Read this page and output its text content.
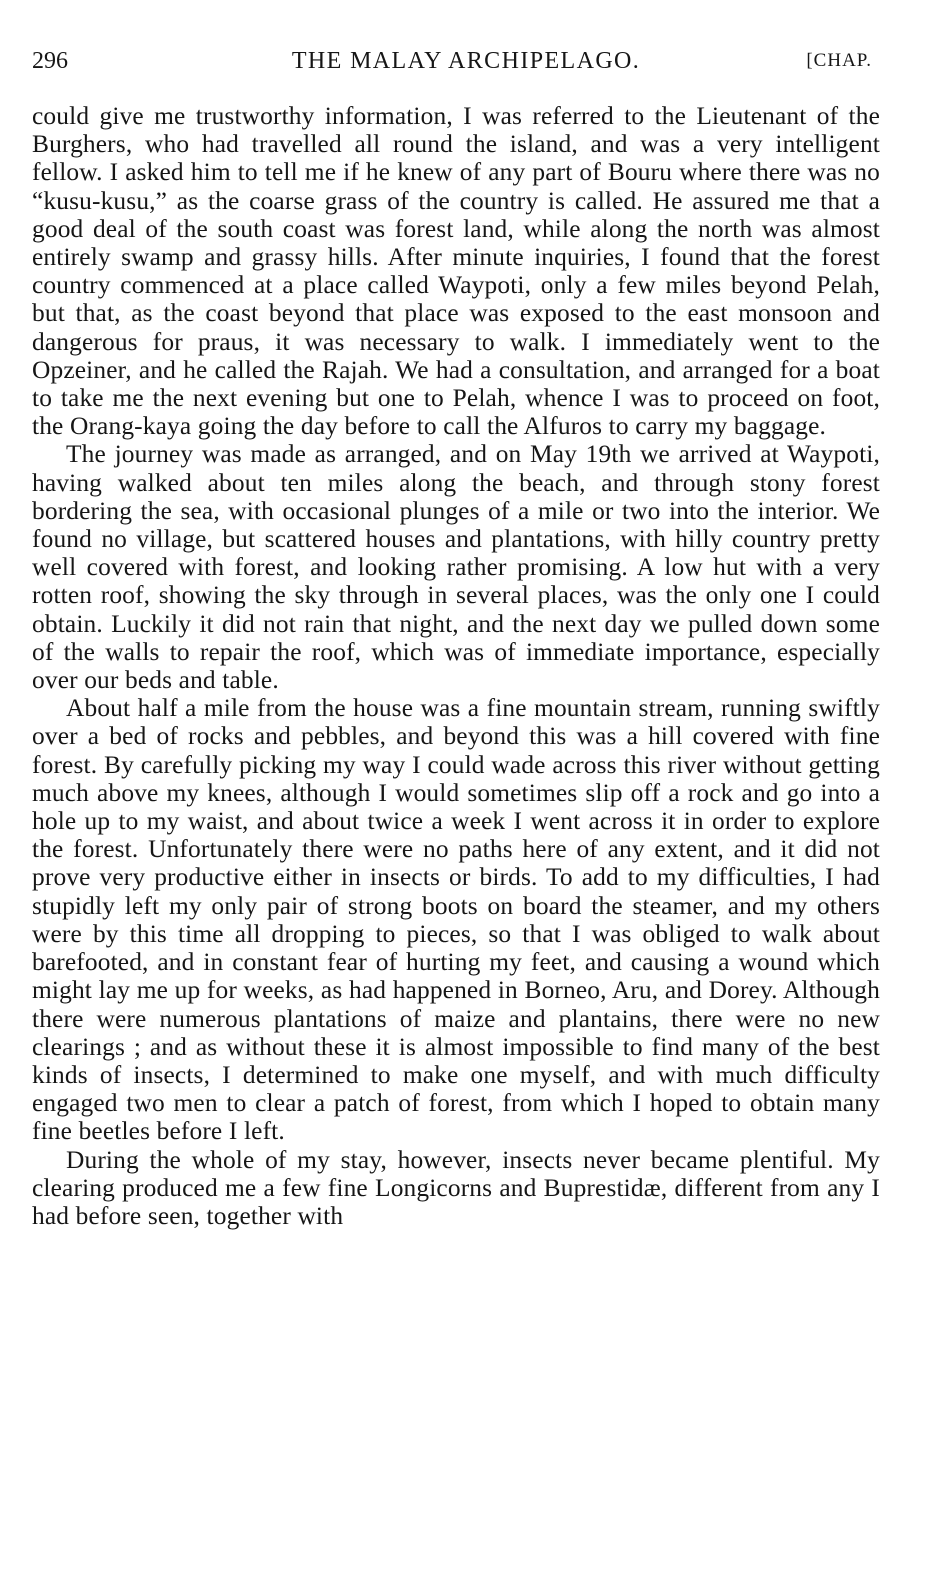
296	THE MALAY ARCHIPELAGO.	[CHAP.

could give me trustworthy information, I was referred to the Lieutenant of the Burghers, who had travelled all round the island, and was a very intelligent fellow. I asked him to tell me if he knew of any part of Bouru where there was no “kusu-kusu,” as the coarse grass of the country is called. He assured me that a good deal of the south coast was forest land, while along the north was almost entirely swamp and grassy hills. After minute inquiries, I found that the forest country commenced at a place called Waypoti, only a few miles beyond Pelah, but that, as the coast beyond that place was exposed to the east monsoon and dangerous for praus, it was necessary to walk. I immediately went to the Opzeiner, and he called the Rajah. We had a consultation, and arranged for a boat to take me the next evening but one to Pelah, whence I was to proceed on foot, the Orang-kaya going the day before to call the Alfuros to carry my baggage.

The journey was made as arranged, and on May 19th we arrived at Waypoti, having walked about ten miles along the beach, and through stony forest bordering the sea, with occasional plunges of a mile or two into the interior. We found no village, but scattered houses and plantations, with hilly country pretty well covered with forest, and looking rather promising. A low hut with a very rotten roof, showing the sky through in several places, was the only one I could obtain. Luckily it did not rain that night, and the next day we pulled down some of the walls to repair the roof, which was of immediate importance, especially over our beds and table.

About half a mile from the house was a fine mountain stream, running swiftly over a bed of rocks and pebbles, and beyond this was a hill covered with fine forest. By carefully picking my way I could wade across this river without getting much above my knees, although I would sometimes slip off a rock and go into a hole up to my waist, and about twice a week I went across it in order to explore the forest. Unfortunately there were no paths here of any extent, and it did not prove very productive either in insects or birds. To add to my difficulties, I had stupidly left my only pair of strong boots on board the steamer, and my others were by this time all dropping to pieces, so that I was obliged to walk about barefooted, and in constant fear of hurting my feet, and causing a wound which might lay me up for weeks, as had happened in Borneo, Aru, and Dorey. Although there were numerous plantations of maize and plantains, there were no new clearings ; and as without these it is almost impossible to find many of the best kinds of insects, I determined to make one myself, and with much difficulty engaged two men to clear a patch of forest, from which I hoped to obtain many fine beetles before I left.

During the whole of my stay, however, insects never became plentiful. My clearing produced me a few fine Longicorns and Buprestidæ, different from any I had before seen, together with
